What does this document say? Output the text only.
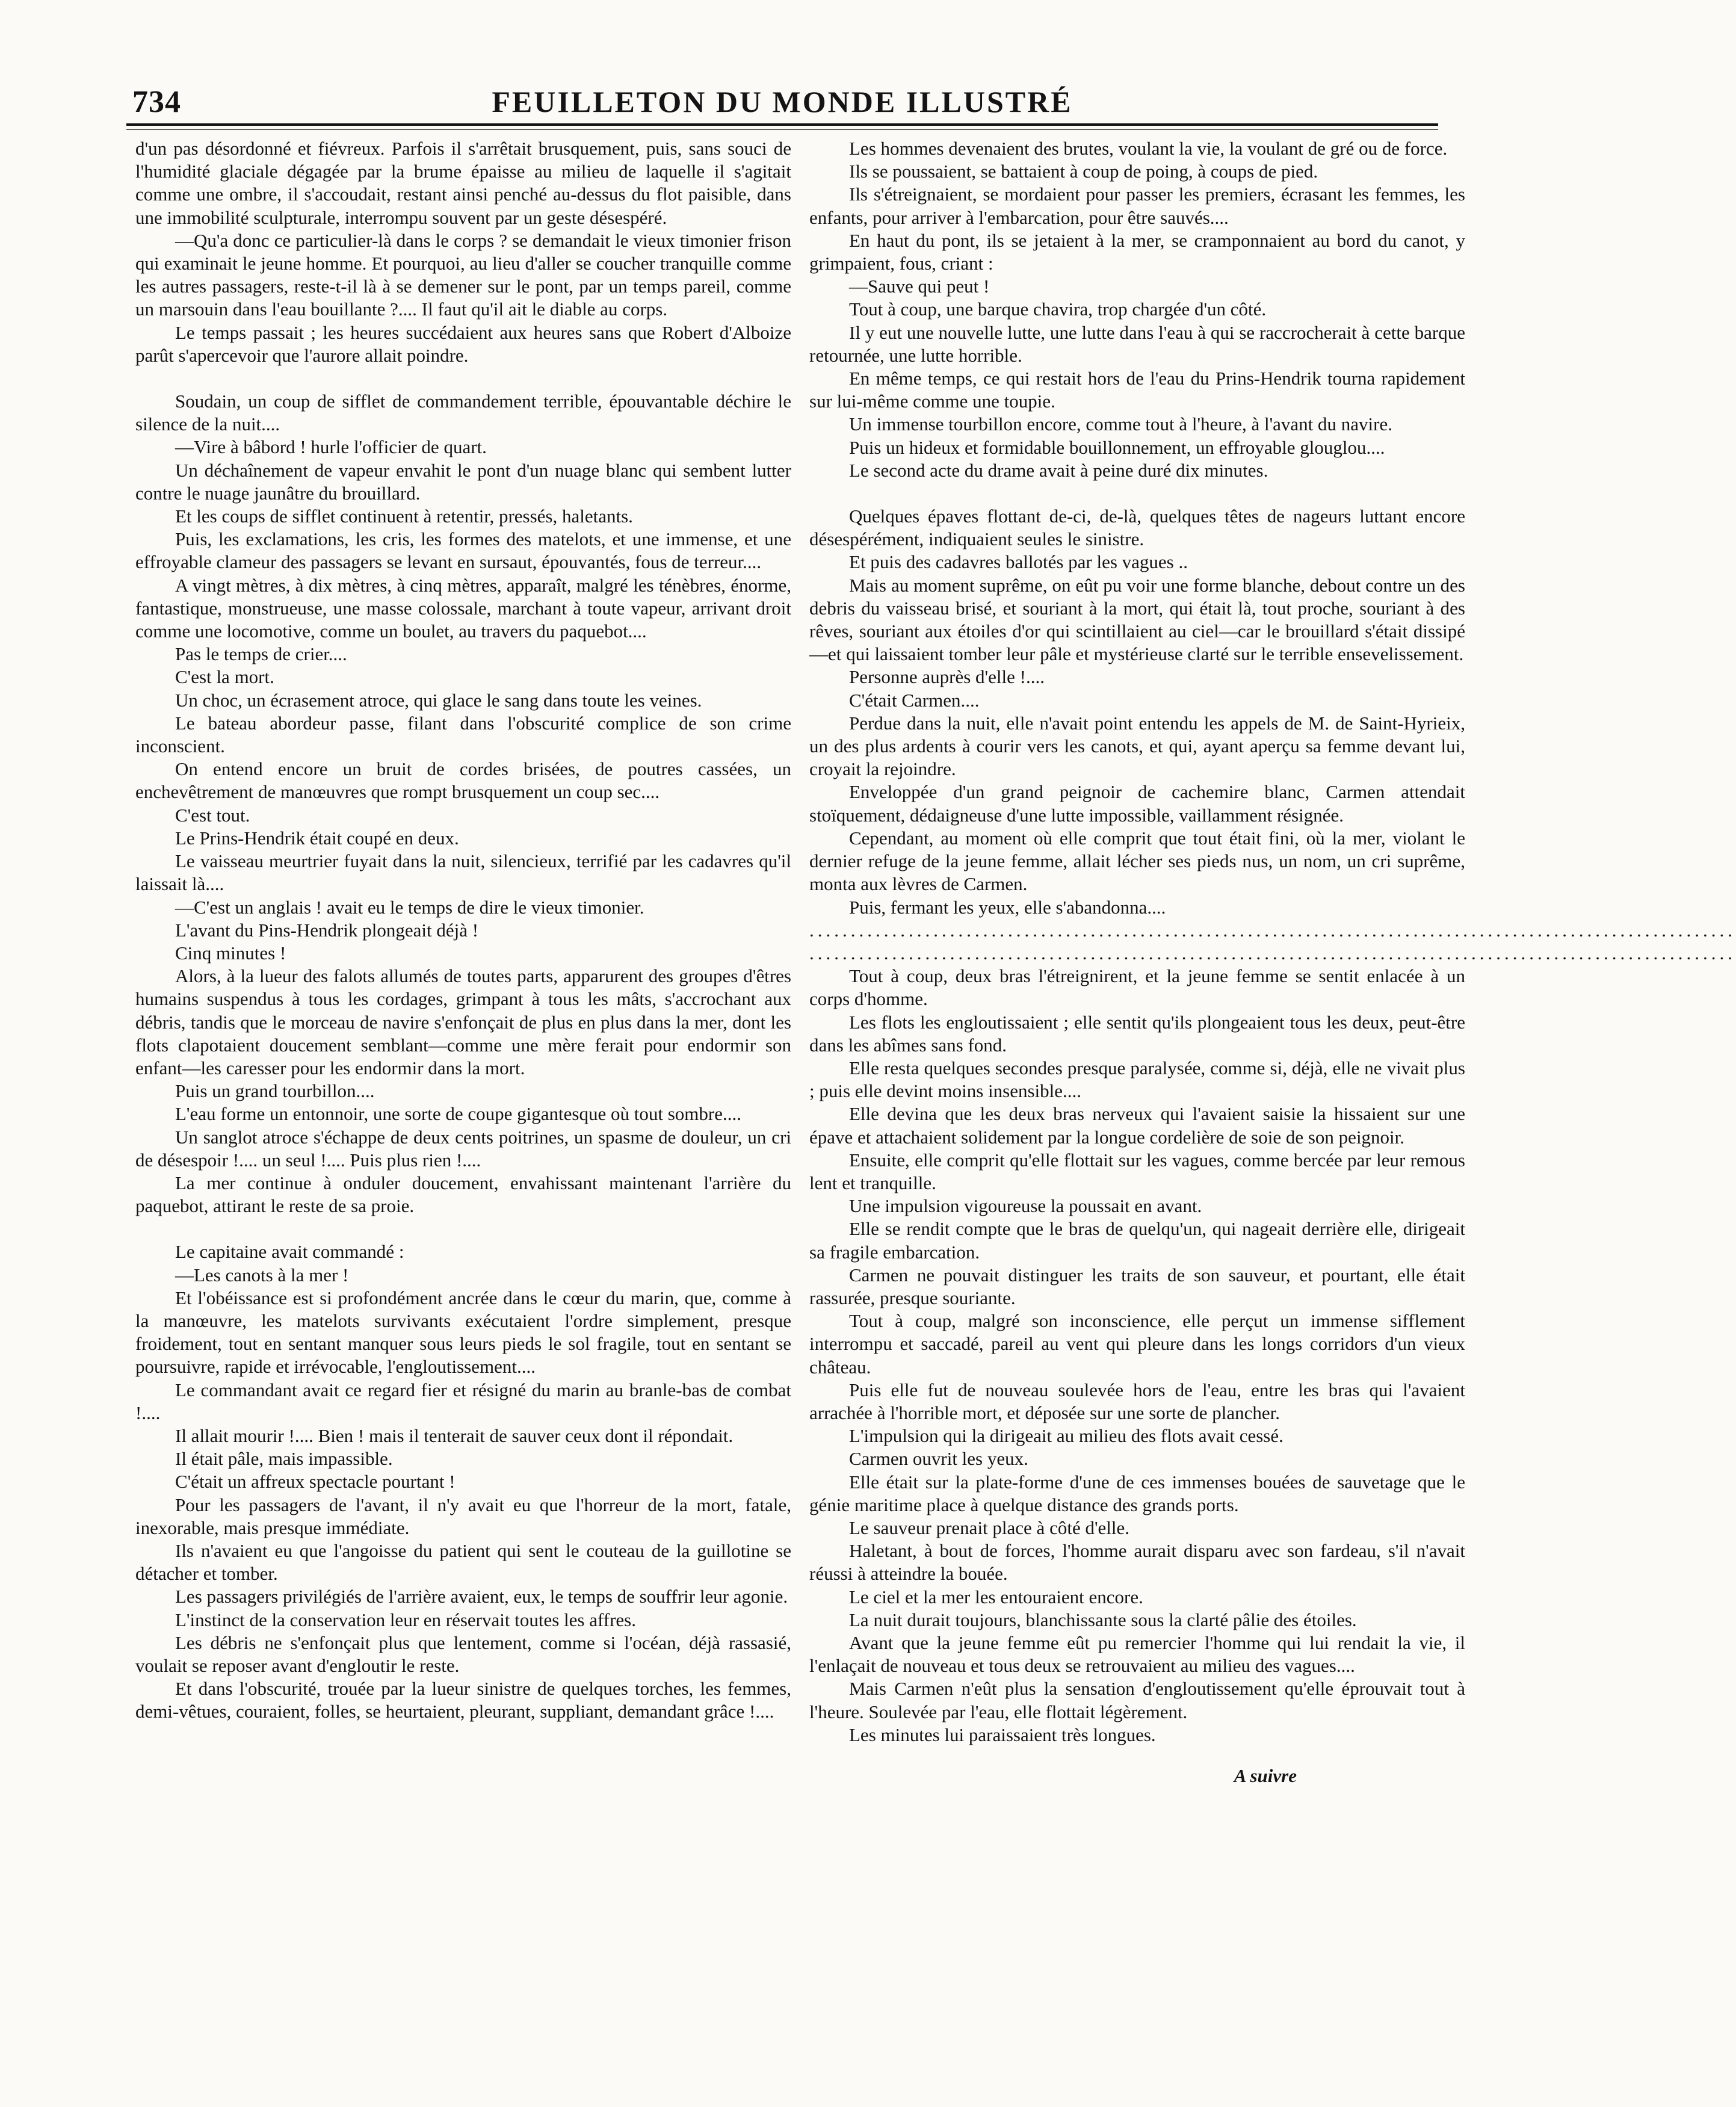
734	FEUILLETON DU MONDE ILLUSTRÉ

d'un pas désordonné et fiévreux. Parfois il s'arrêtait brusquement, puis, sans souci de l'humidité glaciale dégagée par la brume épaisse au milieu de laquelle il s'agitait comme une ombre, il s'accoudait, restant ainsi penché au-dessus du flot paisible, dans une immobilité sculpturale, interrompu souvent par un geste désespéré.

—Qu'a donc ce particulier-là dans le corps ? se demandait le vieux timonier frison qui examinait le jeune homme. Et pourquoi, au lieu d'aller se coucher tranquille comme les autres passagers, reste-t-il là à se demener sur le pont, par un temps pareil, comme un marsouin dans l'eau bouillante ?.... Il faut qu'il ait le diable au corps.

Le temps passait ; les heures succédaient aux heures sans que Robert d'Alboize parût s'apercevoir que l'aurore allait poindre.

Soudain, un coup de sifflet de commandement terrible, épouvantable déchire le silence de la nuit....

—Vire à bâbord ! hurle l'officier de quart.

Un déchaînement de vapeur envahit le pont d'un nuage blanc qui sembent lutter contre le nuage jaunâtre du brouillard.

Et les coups de sifflet continuent à retentir, pressés, haletants.

Puis, les exclamations, les cris, les formes des matelots, et une immense, et une effroyable clameur des passagers se levant en sursaut, épouvantés, fous de terreur....

A vingt mètres, à dix mètres, à cinq mètres, apparaît, malgré les ténèbres, énorme, fantastique, monstrueuse, une masse colossale, marchant à toute vapeur, arrivant droit comme une locomotive, comme un boulet, au travers du paquebot....

Pas le temps de crier....

C'est la mort.

Un choc, un écrasement atroce, qui glace le sang dans toute les veines.

Le bateau abordeur passe, filant dans l'obscurité complice de son crime inconscient.

On entend encore un bruit de cordes brisées, de poutres cassées, un enchevêtrement de manœuvres que rompt brusquement un coup sec....

C'est tout.

Le Prins-Hendrik était coupé en deux.

Le vaisseau meurtrier fuyait dans la nuit, silencieux, terrifié par les cadavres qu'il laissait là....

—C'est un anglais ! avait eu le temps de dire le vieux timonier.

L'avant du Pins-Hendrik plongeait déjà !

Cinq minutes !

Alors, à la lueur des falots allumés de toutes parts, apparurent des groupes d'êtres humains suspendus à tous les cordages, grimpant à tous les mâts, s'accrochant aux débris, tandis que le morceau de navire s'enfonçait de plus en plus dans la mer, dont les flots clapotaient doucement semblant—comme une mère ferait pour endormir son enfant—les caresser pour les endormir dans la mort.

Puis un grand tourbillon....

L'eau forme un entonnoir, une sorte de coupe gigantesque où tout sombre....

Un sanglot atroce s'échappe de deux cents poitrines, un spasme de douleur, un cri de désespoir !.... un seul !.... Puis plus rien !....

La mer continue à onduler doucement, envahissant maintenant l'arrière du paquebot, attirant le reste de sa proie.

Le capitaine avait commandé :

—Les canots à la mer !

Et l'obéissance est si profondément ancrée dans le cœur du marin, que, comme à la manœuvre, les matelots survivants exécutaient l'ordre simplement, presque froidement, tout en sentant manquer sous leurs pieds le sol fragile, tout en sentant se poursuivre, rapide et irrévocable, l'engloutissement....

Le commandant avait ce regard fier et résigné du marin au branle-bas de combat !....

Il allait mourir !.... Bien ! mais il tenterait de sauver ceux dont il répondait.

Il était pâle, mais impassible.

C'était un affreux spectacle pourtant !

Pour les passagers de l'avant, il n'y avait eu que l'horreur de la mort, fatale, inexorable, mais presque immédiate.

Ils n'avaient eu que l'angoisse du patient qui sent le couteau de la guillotine se détacher et tomber.

Les passagers privilégiés de l'arrière avaient, eux, le temps de souffrir leur agonie.

L'instinct de la conservation leur en réservait toutes les affres.

Les débris ne s'enfonçait plus que lentement, comme si l'océan, déjà rassasié, voulait se reposer avant d'engloutir le reste.

Et dans l'obscurité, trouée par la lueur sinistre de quelques torches, les femmes, demi-vêtues, couraient, folles, se heurtaient, pleurant, suppliant, demandant grâce !....

Les hommes devenaient des brutes, voulant la vie, la voulant de gré ou de force.

Ils se poussaient, se battaient à coup de poing, à coups de pied.

Ils s'étreignaient, se mordaient pour passer les premiers, écrasant les femmes, les enfants, pour arriver à l'embarcation, pour être sauvés....

En haut du pont, ils se jetaient à la mer, se cramponnaient au bord du canot, y grimpaient, fous, criant :

—Sauve qui peut !

Tout à coup, une barque chavira, trop chargée d'un côté.

Il y eut une nouvelle lutte, une lutte dans l'eau à qui se raccrocherait à cette barque retournée, une lutte horrible.

En même temps, ce qui restait hors de l'eau du Prins-Hendrik tourna rapidement sur lui-même comme une toupie.

Un immense tourbillon encore, comme tout à l'heure, à l'avant du navire.

Puis un hideux et formidable bouillonnement, un effroyable glouglou....

Le second acte du drame avait à peine duré dix minutes.

Quelques épaves flottant de-ci, de-là, quelques têtes de nageurs luttant encore désespérément, indiquaient seules le sinistre.

Et puis des cadavres ballotés par les vagues ..

Mais au moment suprême, on eût pu voir une forme blanche, debout contre un des debris du vaisseau brisé, et souriant à la mort, qui était là, tout proche, souriant à des rêves, souriant aux étoiles d'or qui scintillaient au ciel—car le brouillard s'était dissipé—et qui laissaient tomber leur pâle et mystérieuse clarté sur le terrible ensevelissement.

Personne auprès d'elle !....

C'était Carmen....

Perdue dans la nuit, elle n'avait point entendu les appels de M. de Saint-Hyrieix, un des plus ardents à courir vers les canots, et qui, ayant aperçu sa femme devant lui, croyait la rejoindre.

Enveloppée d'un grand peignoir de cachemire blanc, Carmen attendait stoïquement, dédaigneuse d'une lutte impossible, vaillamment résignée.

Cependant, au moment où elle comprit que tout était fini, où la mer, violant le dernier refuge de la jeune femme, allait lécher ses pieds nus, un nom, un cri suprême, monta aux lèvres de Carmen.

Puis, fermant les yeux, elle s'abandonna....

................................................................................................................

................................................................................................................

Tout à coup, deux bras l'étreignirent, et la jeune femme se sentit enlacée à un corps d'homme.

Les flots les engloutissaient ; elle sentit qu'ils plongeaient tous les deux, peut-être dans les abîmes sans fond.

Elle resta quelques secondes presque paralysée, comme si, déjà, elle ne vivait plus ; puis elle devint moins insensible....

Elle devina que les deux bras nerveux qui l'avaient saisie la hissaient sur une épave et attachaient solidement par la longue cordelière de soie de son peignoir.

Ensuite, elle comprit qu'elle flottait sur les vagues, comme bercée par leur remous lent et tranquille.

Une impulsion vigoureuse la poussait en avant.

Elle se rendit compte que le bras de quelqu'un, qui nageait derrière elle, dirigeait sa fragile embarcation.

Carmen ne pouvait distinguer les traits de son sauveur, et pourtant, elle était rassurée, presque souriante.

Tout à coup, malgré son inconscience, elle perçut un immense sifflement interrompu et saccadé, pareil au vent qui pleure dans les longs corridors d'un vieux château.

Puis elle fut de nouveau soulevée hors de l'eau, entre les bras qui l'avaient arrachée à l'horrible mort, et déposée sur une sorte de plancher.

L'impulsion qui la dirigeait au milieu des flots avait cessé.

Carmen ouvrit les yeux.

Elle était sur la plate-forme d'une de ces immenses bouées de sauvetage que le génie maritime place à quelque distance des grands ports.

Le sauveur prenait place à côté d'elle.

Haletant, à bout de forces, l'homme aurait disparu avec son fardeau, s'il n'avait réussi à atteindre la bouée.

Le ciel et la mer les entouraient encore.

La nuit durait toujours, blanchissante sous la clarté pâlie des étoiles.

Avant que la jeune femme eût pu remercier l'homme qui lui rendait la vie, il l'enlaçait de nouveau et tous deux se retrouvaient au milieu des vagues....

Mais Carmen n'eût plus la sensation d'engloutissement qu'elle éprouvait tout à l'heure. Soulevée par l'eau, elle flottait légèrement.

Les minutes lui paraissaient très longues.

A suivre
